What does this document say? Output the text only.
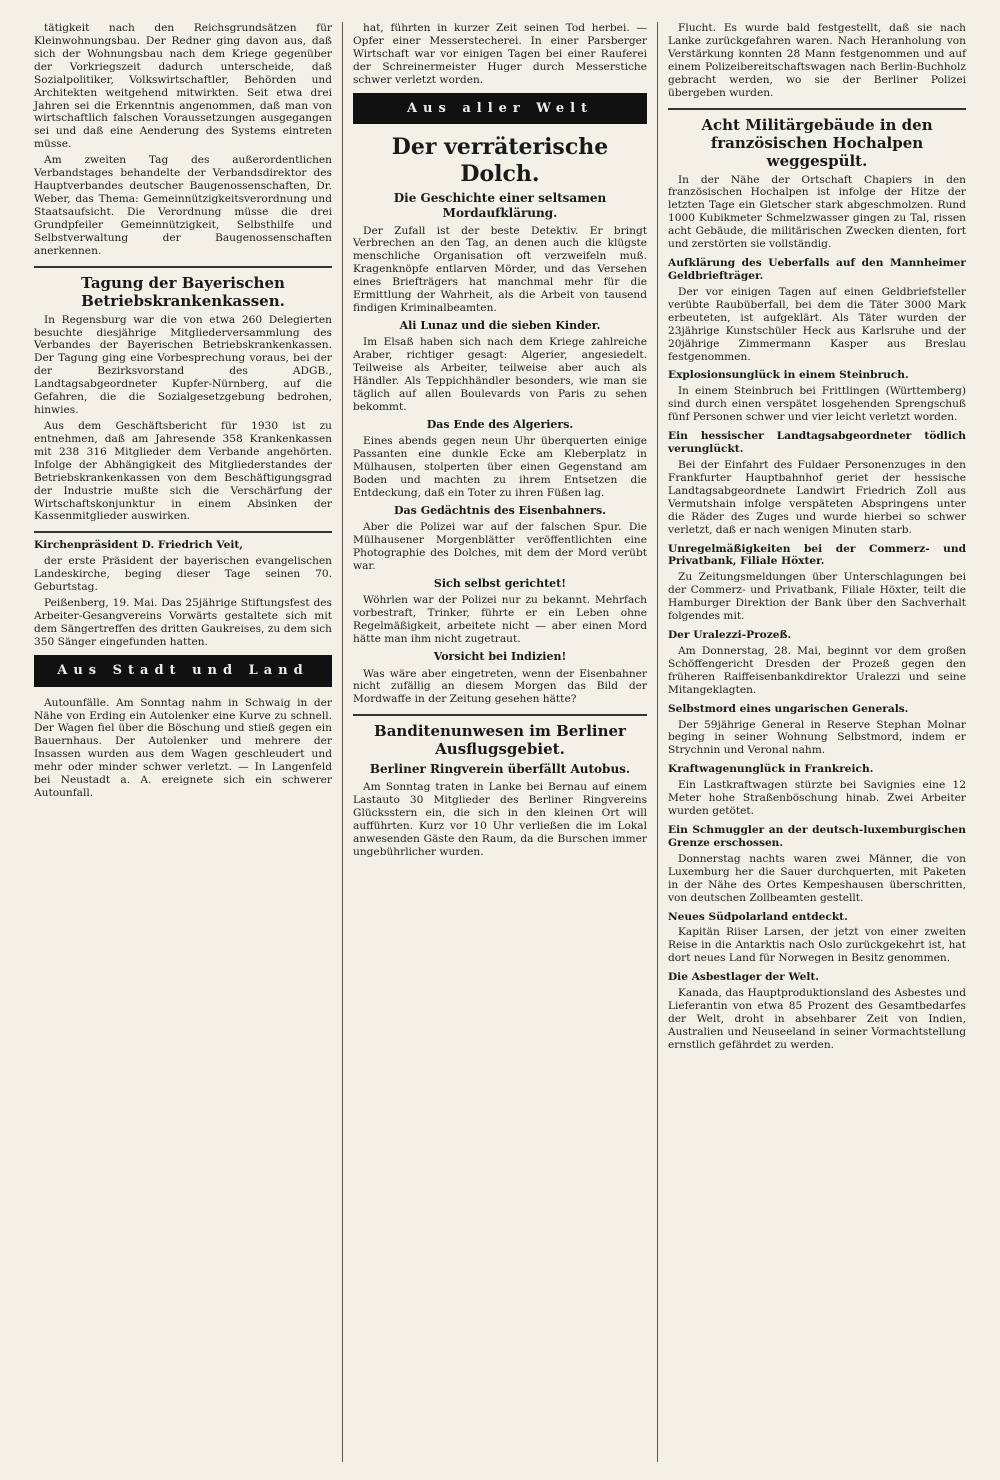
tätigkeit nach den Reichsgrundsätzen für Kleinwohnungsbau. Der Redner ging davon aus, daß sich der Wohnungsbau nach dem Kriege gegenüber der Vorkriegszeit dadurch unterscheide, daß Sozialpolitiker, Volkswirtschaftler, Behörden und Architekten weitgehend mitwirkten. Seit etwa drei Jahren sei die Erkenntnis angenommen, daß man von wirtschaftlich falschen Voraussetzungen ausgegangen sei und daß eine Aenderung des Systems eintreten müsse.

Am zweiten Tag des außerordentlichen Verbandstages behandelte der Verbandsdirektor des Hauptverbandes deutscher Baugenossenschaften, Dr. Weber, das Thema: Gemeinnützigkeitsverordnung und Staatsaufsicht. Die Verordnung müsse die drei Grundpfeiler Gemeinnützigkeit, Selbsthilfe und Selbstverwaltung der Baugenossenschaften anerkennen.

Tagung der Bayerischen Betriebskrankenkassen.

In Regensburg war die von etwa 260 Delegierten besuchte diesjährige Mitgliederversammlung des Verbandes der Bayerischen Betriebskrankenkassen. Der Tagung ging eine Vorbesprechung voraus, bei der der Bezirksvorstand des ADGB., Landtagsabgeordneter Kupfer-Nürnberg, auf die Gefahren, die die Sozialgesetzgebung bedrohen, hinwies.

Aus dem Geschäftsbericht für 1930 ist zu entnehmen, daß am Jahresende 358 Krankenkassen mit 238 316 Mitglieder dem Verbande angehörten. Infolge der Abhängigkeit des Mitgliederstandes der Betriebskrankenkassen von dem Beschäftigungsgrad der Industrie mußte sich die Verschärfung der Wirtschaftskonjunktur in einem Absinken der Kassenmitglieder auswirken.

Kirchenpräsident D. Friedrich Veit,

der erste Präsident der bayerischen evangelischen Landeskirche, beging dieser Tage seinen 70. Geburtstag.

Peißenberg, 19. Mai. Das 25jährige Stiftungsfest des Arbeiter-Gesangvereins Vorwärts gestaltete sich mit dem Sängertreffen des dritten Gaukreises, zu dem sich 350 Sänger eingefunden hatten.

Aus Stadt und Land

Autounfälle. Am Sonntag nahm in Schwaig in der Nähe von Erding ein Autolenker eine Kurve zu schnell. Der Wagen fiel über die Böschung und stieß gegen ein Bauernhaus. Der Autolenker und mehrere der Insassen wurden aus dem Wagen geschleudert und mehr oder minder schwer verletzt. — In Langenfeld bei Neustadt a. A. ereignete sich ein schwerer Autounfall.

hat, führten in kurzer Zeit seinen Tod herbei. — Opfer einer Messerstecherei. In einer Parsberger Wirtschaft war vor einigen Tagen bei einer Rauferei der Schreinermeister Huger durch Messerstiche schwer verletzt worden.

Aus aller Welt
Der verräterische Dolch.
Die Geschichte einer seltsamen Mordaufklärung.

Der Zufall ist der beste Detektiv. Er bringt Verbrechen an den Tag, an denen auch die klügste menschliche Organisation oft verzweifeln muß. Kragenknöpfe entlarven Mörder, und das Versehen eines Briefträgers hat manchmal mehr für die Ermittlung der Wahrheit, als die Arbeit von tausend findigen Kriminalbeamten.

Ali Lunaz und die sieben Kinder.

Im Elsaß haben sich nach dem Kriege zahlreiche Araber, richtiger gesagt: Algerier, angesiedelt. Teilweise als Arbeiter, teilweise aber auch als Händler. Als Teppichhändler besonders, wie man sie täglich auf allen Boulevards von Paris zu sehen bekommt.

Das Ende des Algeriers.

Eines abends gegen neun Uhr überquerten einige Passanten eine dunkle Ecke am Kleberplatz in Mülhausen, stolperten über einen Gegenstand am Boden und machten zu ihrem Entsetzen die Entdeckung, daß ein Toter zu ihren Füßen lag.

Das Gedächtnis des Eisenbahners.

Aber die Polizei war auf der falschen Spur. Die Mülhausener Morgenblätter veröffentlichten eine Photographie des Dolches, mit dem der Mord verübt war.

Sich selbst gerichtet!

Wöhrlen war der Polizei nur zu bekannt. Mehrfach vorbestraft, Trinker, führte er ein Leben ohne Regelmäßigkeit, arbeitete nicht — aber einen Mord hätte man ihm nicht zugetraut.

Vorsicht bei Indizien!

Was wäre aber eingetreten, wenn der Eisenbahner nicht zufällig an diesem Morgen das Bild der Mordwaffe in der Zeitung gesehen hätte?

Banditenunwesen im Berliner Ausflugsgebiet.
Berliner Ringverein überfällt Autobus.

Am Sonntag traten in Lanke bei Bernau auf einem Lastauto 30 Mitglieder des Berliner Ringvereins Glücksstern ein, die sich in den kleinen Ort will aufführten. Kurz vor 10 Uhr verließen die im Lokal anwesenden Gäste den Raum, da die Burschen immer ungebührlicher wurden.

Flucht. Es wurde bald festgestellt, daß sie nach Lanke zurückgefahren waren. Nach Heranholung von Verstärkung konnten 28 Mann festgenommen und auf einem Polizeibereitschaftswagen nach Berlin-Buchholz gebracht werden, wo sie der Berliner Polizei übergeben wurden.

Acht Militärgebäude in den französischen Hochalpen weggespült.

In der Nähe der Ortschaft Chapiers in den französischen Hochalpen ist infolge der Hitze der letzten Tage ein Gletscher stark abgeschmolzen. Rund 1000 Kubikmeter Schmelzwasser gingen zu Tal, rissen acht Gebäude, die militärischen Zwecken dienten, fort und zerstörten sie vollständig.

Aufklärung des Ueberfalls auf den Mannheimer Geldbriefträger.

Der vor einigen Tagen auf einen Geldbriefsteller verübte Raubüberfall, bei dem die Täter 3000 Mark erbeuteten, ist aufgeklärt. Als Täter wurden der 23jährige Kunstschüler Heck aus Karlsruhe und der 20jährige Zimmermann Kasper aus Breslau festgenommen.

Explosionsunglück in einem Steinbruch.

In einem Steinbruch bei Frittlingen (Württemberg) sind durch einen verspätet losgehenden Sprengschuß fünf Personen schwer und vier leicht verletzt worden.

Ein hessischer Landtagsabgeordneter tödlich verunglückt.

Bei der Einfahrt des Fuldaer Personenzuges in den Frankfurter Hauptbahnhof geriet der hessische Landtagsabgeordnete Landwirt Friedrich Zoll aus Vermutshain infolge verspäteten Abspringens unter die Räder des Zuges und wurde hierbei so schwer verletzt, daß er nach wenigen Minuten starb.

Unregelmäßigkeiten bei der Commerz- und Privatbank, Filiale Höxter.

Zu Zeitungsmeldungen über Unterschlagungen bei der Commerz- und Privatbank, Filiale Höxter, teilt die Hamburger Direktion der Bank über den Sachverhalt folgendes mit.

Der Uralezzi-Prozeß.

Am Donnerstag, 28. Mai, beginnt vor dem großen Schöffengericht Dresden der Prozeß gegen den früheren Raiffeisenbankdirektor Uralezzi und seine Mitangeklagten.

Selbstmord eines ungarischen Generals.

Der 59jährige General in Reserve Stephan Molnar beging in seiner Wohnung Selbstmord, indem er Strychnin und Veronal nahm.

Kraftwagenunglück in Frankreich.

Ein Lastkraftwagen stürzte bei Savignies eine 12 Meter hohe Straßenböschung hinab. Zwei Arbeiter wurden getötet.

Ein Schmuggler an der deutsch-luxemburgischen Grenze erschossen.

Donnerstag nachts waren zwei Männer, die von Luxemburg her die Sauer durchquerten, mit Paketen in der Nähe des Ortes Kempeshausen überschritten, von deutschen Zollbeamten gestellt.

Neues Südpolarland entdeckt.

Kapitän Riiser Larsen, der jetzt von einer zweiten Reise in die Antarktis nach Oslo zurückgekehrt ist, hat dort neues Land für Norwegen in Besitz genommen.

Die Asbestlager der Welt.

Kanada, das Hauptproduktionsland des Asbestes und Lieferantin von etwa 85 Prozent des Gesamtbedarfes der Welt, droht in absehbarer Zeit von Indien, Australien und Neuseeland in seiner Vormachtstellung ernstlich gefährdet zu werden.
